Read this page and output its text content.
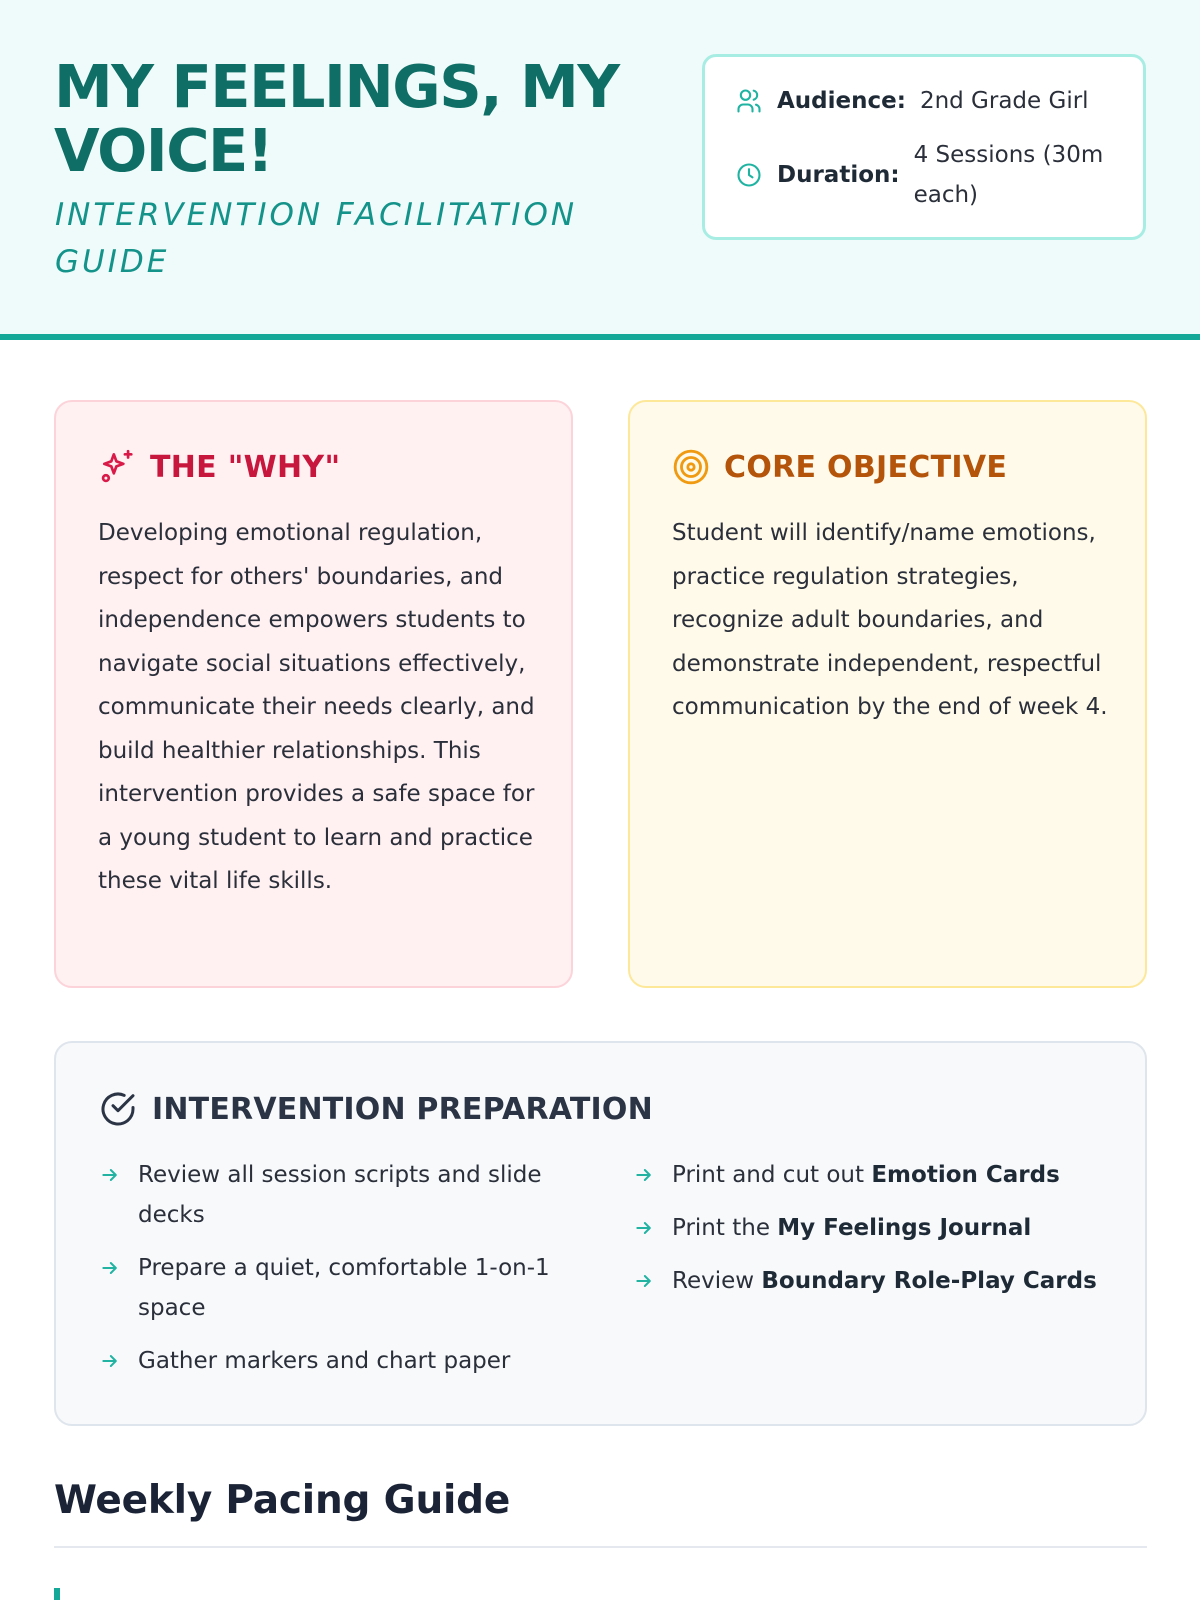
MY FEELINGS, MY VOICE!
INTERVENTION FACILITATION GUIDE
Audience: 2nd Grade Girl
Duration:
4 Sessions (30m each)
THE "WHY"

Developing emotional regulation, respect for others' boundaries, and independence empowers students to navigate social situations effectively, communicate their needs clearly, and build healthier relationships. This intervention provides a safe space for a young student to learn and practice these vital life skills.

CORE OBJECTIVE

Student will identify/name emotions, practice regulation strategies, recognize adult boundaries, and demonstrate independent, respectful communication by the end of week 4.

INTERVENTION PREPARATION
Review all session scripts and slide decks
Prepare a quiet, comfortable 1-on-1 space
Gather markers and chart paper
Print and cut out Emotion Cards
Print the My Feelings Journal
Review Boundary Role-Play Cards
Weekly Pacing Guide
